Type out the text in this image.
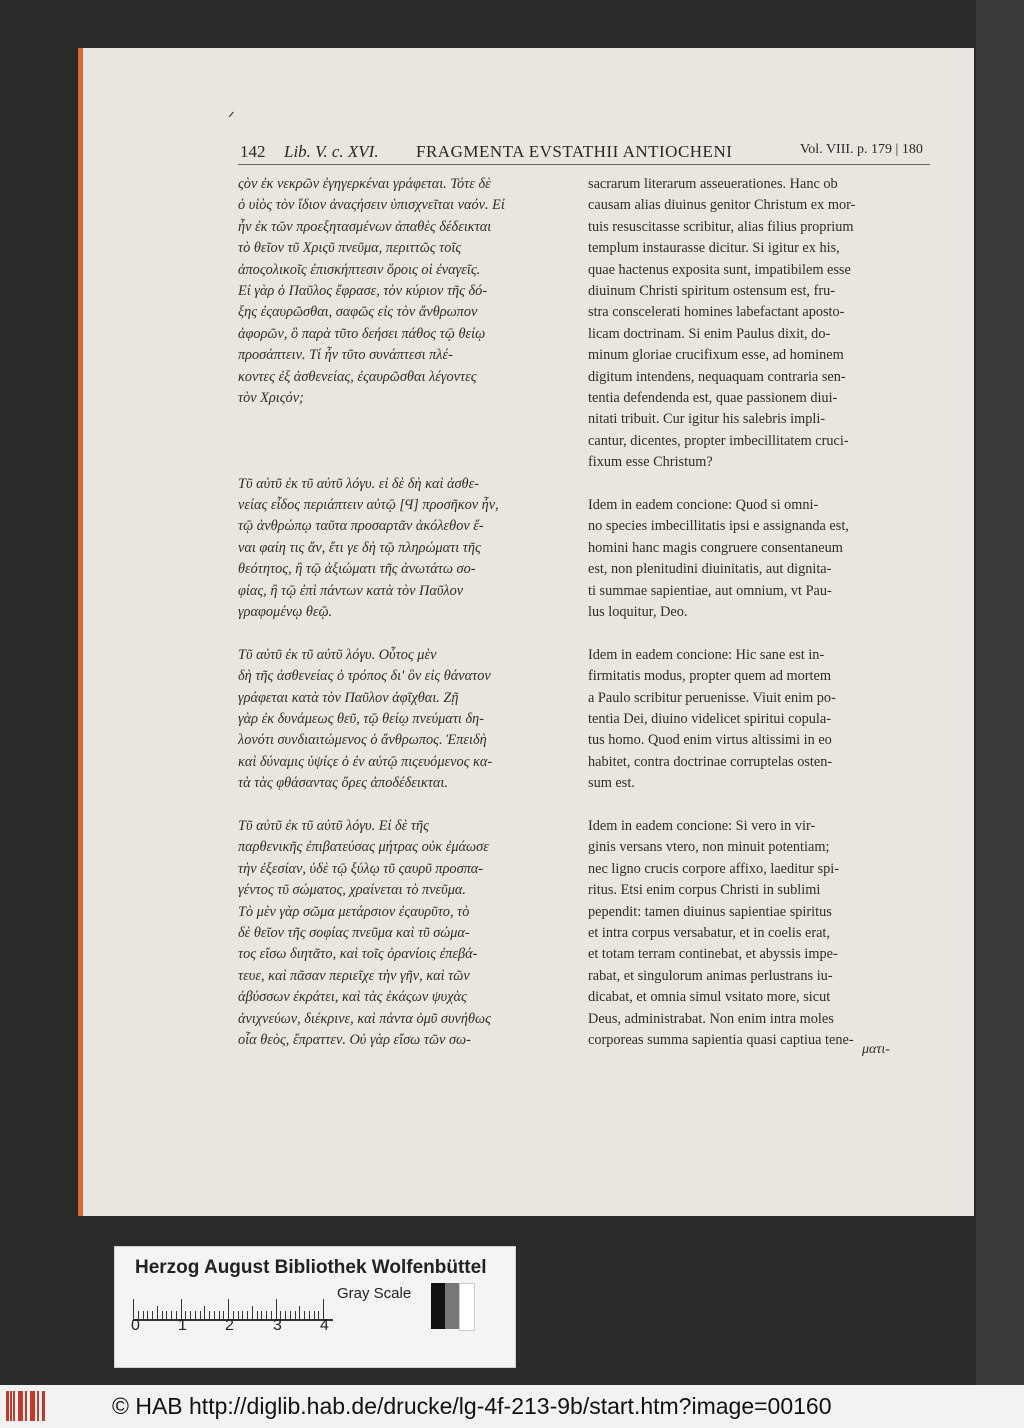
ᐟ
142 Lib. V. c. XVI. FRAGMENTA EVSTATHII ANTIOCHENI	Vol. VIII. p. 179 | 180
ςὸν ἐκ νεκρῶν ἐγηγερκέναι γράφεται. Τότε δὲ
ὁ υἱὸς τὸν ἴδιον ἀναςήσειν ὑπισχνεῖται ναόν. Εἰ
ἦν ἐκ τῶν προεξητασμένων ἀπαθὲς δέδεικται
τὸ θεῖον τῦ Χριςῦ πνεῦμα, περιττῶς τοῖς
ἀποςολικοῖς ἐπισκήπτεσιν ὅροις οἱ ἐναγεῖς.
Εἰ γὰρ ὁ Παῦλος ἔφρασε, τὸν κύριον τῆς δό-
ξης ἐςαυρῶσθαι, σαφῶς εἰς τὸν ἄνθρωπον
ἀφορῶν, ὃ παρὰ τῦτο δεήσει πάθος τῷ θείῳ
προσάπτειν. Τί ἦν τῦτο συνάπτεσι πλέ-
κοντες ἐξ ἀσθενείας, ἐςαυρῶσθαι λέγοντες
τὸν Χριςόν;
Τῦ αὐτῦ ἐκ τῦ αὐτῦ λόγυ. εἰ δὲ δὴ καὶ ἀσθε-
νείας εἶδος περιάπτειν αὐτῷ [Ϥ] προσῆκον ἦν,
τῷ ἀνθρώπῳ ταῦτα προσαρτᾶν ἀκόλεθον ἔ-
ναι φαίη τις ἄν, ἔτι γε δὴ τῷ πληρώματι τῆς
θεότητος, ἢ τῷ ἀξιώματι τῆς ἀνωτάτω σο-
φίας, ἢ τῷ ἐπὶ πάντων κατὰ τὸν Παῦλον
γραφομένῳ θεῷ.
Τῦ αὐτῦ ἐκ τῦ αὐτῦ λόγυ. Οὗτος μὲν
δὴ τῆς ἀσθενείας ὁ τρόπος δι' ὃν εἰς θάνατον
γράφεται κατὰ τὸν Παῦλον ἀφῖχθαι. Ζῇ
γὰρ ἐκ δυνάμεως θεῦ, τῷ θείῳ πνεύματι δη-
λονότι συνδιαιτώμενος ὁ ἄνθρωπος. Ἐπειδὴ
καὶ δύναμις ὑψίςε ὁ ἐν αὐτῷ πιςευόμενος κα-
τὰ τὰς φθάσαντας ὅρες ἀποδέδεικται.
Τῦ αὐτῦ ἐκ τῦ αὐτῦ λόγυ. Εἰ δὲ τῆς
παρθενικῆς ἐπιβατεύσας μήτρας οὐκ ἐμάωσε
τὴν ἐξεσίαν, ὐδὲ τῷ ξύλῳ τῦ ςαυρῦ προσπα-
γέντος τῦ σώματος, χραίνεται τὸ πνεῦμα.
Τὸ μὲν γὰρ σῶμα μετάρσιον ἐςαυρῦτο, τὸ
δὲ θεῖον τῆς σοφίας πνεῦμα καὶ τῦ σώμα-
τος εἴσω διητᾶτο, καὶ τοῖς ὀρανίοις ἐπεβά-
τευε, καὶ πᾶσαν περιεῖχε τὴν γῆν, καὶ τῶν
ἀβύσσων ἐκράτει, καὶ τὰς ἑκάςων ψυχὰς
ἀνιχνεύων, διέκρινε, καὶ πάντα ὁμῦ συνήθως
οἷα θεὸς, ἔπραττεν. Οὐ γὰρ εἴσω τῶν σω-
sacrarum literarum asseuerationes. Hanc ob
causam alias diuinus genitor Christum ex mor-
tuis resuscitasse scribitur, alias filius proprium
templum instaurasse dicitur. Si igitur ex his,
quae hactenus exposita sunt, impatibilem esse
diuinum Christi spiritum ostensum est, fru-
stra conscelerati homines labefactant aposto-
licam doctrinam. Si enim Paulus dixit, do-
minum gloriae crucifixum esse, ad hominem
digitum intendens, nequaquam contraria sen-
tentia defendenda est, quae passionem diui-
nitati tribuit. Cur igitur his salebris impli-
cantur, dicentes, propter imbecillitatem cruci-
fixum esse Christum?
Idem in eadem concione: Quod si omni-
no species imbecillitatis ipsi e assignanda est,
homini hanc magis congruere consentaneum
est, non plenitudini diuinitatis, aut dignita-
ti summae sapientiae, aut omnium, vt Pau-
lus loquitur, Deo.
Idem in eadem concione: Hic sane est in-
firmitatis modus, propter quem ad mortem
a Paulo scribitur peruenisse. Viuit enim po-
tentia Dei, diuino videlicet spiritui copula-
tus homo. Quod enim virtus altissimi in eo
habitet, contra doctrinae corruptelas osten-
sum est.
Idem in eadem concione: Si vero in vir-
ginis versans vtero, non minuit potentiam;
nec ligno crucis corpore affixo, laeditur spi-
ritus. Etsi enim corpus Christi in sublimi
pependit: tamen diuinus sapientiae spiritus
et intra corpus versabatur, et in coelis erat,
et totam terram continebat, et abyssis impe-
rabat, et singulorum animas perlustrans iu-
dicabat, et omnia simul vsitato more, sicut
Deus, administrabat. Non enim intra moles
corporeas summa sapientia quasi captiua tene-
ματι-
Herzog August Bibliothek Wolfenbüttel
0 1 2 3 4
Gray Scale
© HAB http://diglib.hab.de/drucke/lg-4f-213-9b/start.htm?image=00160
